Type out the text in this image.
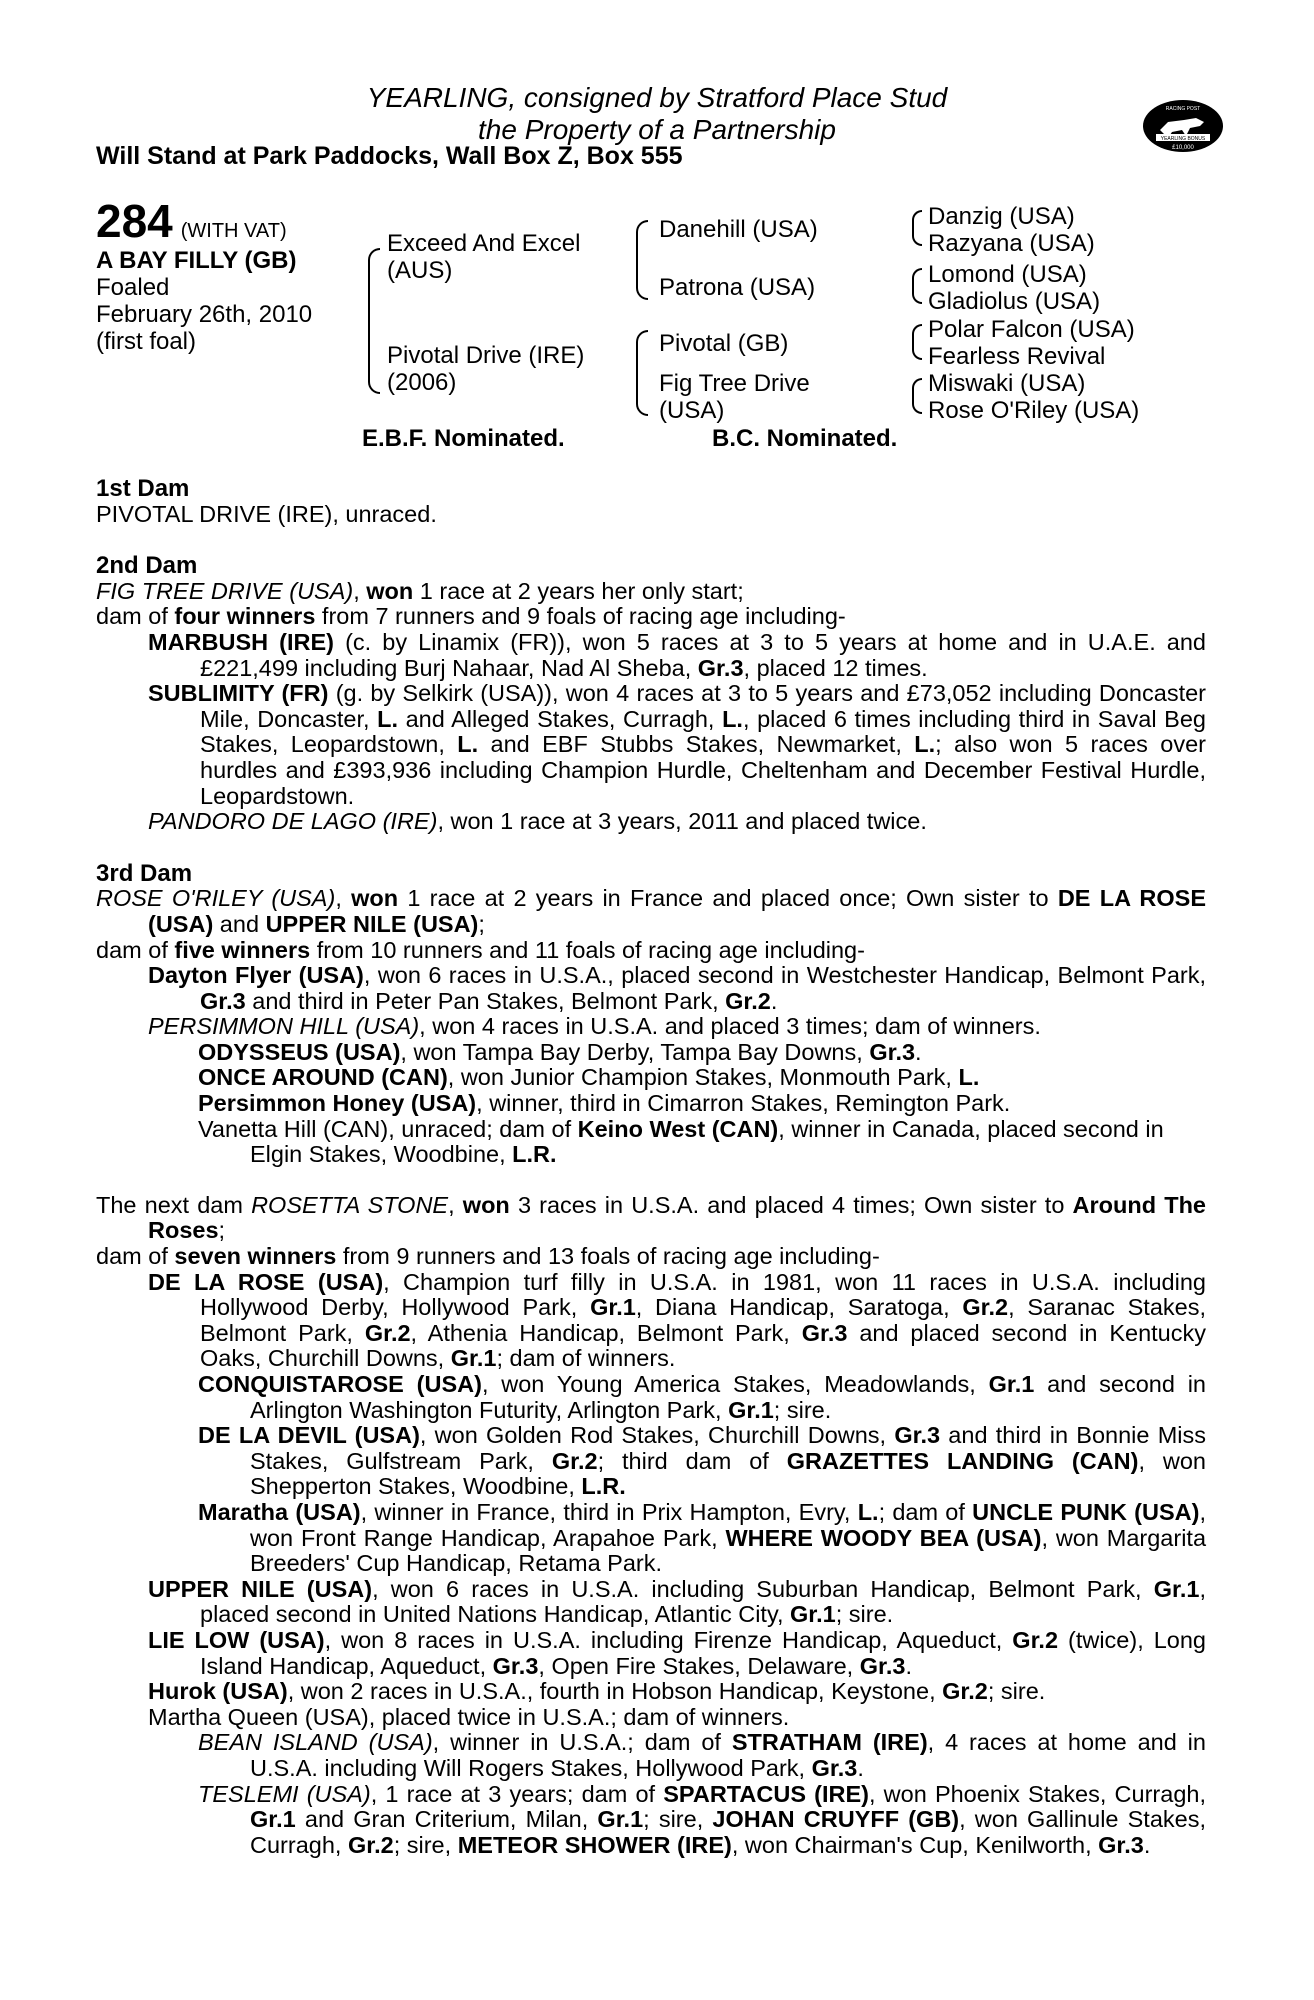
YEARLING, consigned by Stratford Place Stud
the Property of a Partnership
Will Stand at Park Paddocks, Wall Box Z, Box 555
RACING POST
YEARLING BONUS
£10,000
284 (WITH VAT)
A BAY FILLY (GB)
Foaled
February 26th, 2010
(first foal)
Exceed And Excel
(AUS)
Pivotal Drive (IRE)
(2006)
Danehill (USA)
Patrona (USA)
Pivotal (GB)
Fig Tree Drive
(USA)
Danzig (USA)
Razyana (USA)
Lomond (USA)
Gladiolus (USA)
Polar Falcon (USA)
Fearless Revival
Miswaki (USA)
Rose O'Riley (USA)
E.B.F. Nominated.	B.C. Nominated.
1st Dam

PIVOTAL DRIVE (IRE), unraced.

2nd Dam

FIG TREE DRIVE (USA), won 1 race at 2 years her only start;

dam of four winners from 7 runners and 9 foals of racing age including-

MARBUSH (IRE) (c. by Linamix (FR)), won 5 races at 3 to 5 years at home and in U.A.E. and £221,499 including Burj Nahaar, Nad Al Sheba, Gr.3, placed 12 times.

SUBLIMITY (FR) (g. by Selkirk (USA)), won 4 races at 3 to 5 years and £73,052 including Doncaster Mile, Doncaster, L. and Alleged Stakes, Curragh, L., placed 6 times including third in Saval Beg Stakes, Leopardstown, L. and EBF Stubbs Stakes, Newmarket, L.; also won 5 races over hurdles and £393,936 including Champion Hurdle, Cheltenham and December Festival Hurdle, Leopardstown.

PANDORO DE LAGO (IRE), won 1 race at 3 years, 2011 and placed twice.

3rd Dam

ROSE O'RILEY (USA), won 1 race at 2 years in France and placed once; Own sister to DE LA ROSE (USA) and UPPER NILE (USA);

dam of five winners from 10 runners and 11 foals of racing age including-

Dayton Flyer (USA), won 6 races in U.S.A., placed second in Westchester Handicap, Belmont Park, Gr.3 and third in Peter Pan Stakes, Belmont Park, Gr.2.

PERSIMMON HILL (USA), won 4 races in U.S.A. and placed 3 times; dam of winners.

ODYSSEUS (USA), won Tampa Bay Derby, Tampa Bay Downs, Gr.3.

ONCE AROUND (CAN), won Junior Champion Stakes, Monmouth Park, L.

Persimmon Honey (USA), winner, third in Cimarron Stakes, Remington Park.

Vanetta Hill (CAN), unraced; dam of Keino West (CAN), winner in Canada, placed second in Elgin Stakes, Woodbine, L.R.

The next dam ROSETTA STONE, won 3 races in U.S.A. and placed 4 times; Own sister to Around The Roses;

dam of seven winners from 9 runners and 13 foals of racing age including-

DE LA ROSE (USA), Champion turf filly in U.S.A. in 1981, won 11 races in U.S.A. including Hollywood Derby, Hollywood Park, Gr.1, Diana Handicap, Saratoga, Gr.2, Saranac Stakes, Belmont Park, Gr.2, Athenia Handicap, Belmont Park, Gr.3 and placed second in Kentucky Oaks, Churchill Downs, Gr.1; dam of winners.

CONQUISTAROSE (USA), won Young America Stakes, Meadowlands, Gr.1 and second in Arlington Washington Futurity, Arlington Park, Gr.1; sire.

DE LA DEVIL (USA), won Golden Rod Stakes, Churchill Downs, Gr.3 and third in Bonnie Miss Stakes, Gulfstream Park, Gr.2; third dam of GRAZETTES LANDING (CAN), won Shepperton Stakes, Woodbine, L.R.

Maratha (USA), winner in France, third in Prix Hampton, Evry, L.; dam of UNCLE PUNK (USA), won Front Range Handicap, Arapahoe Park, WHERE WOODY BEA (USA), won Margarita Breeders' Cup Handicap, Retama Park.

UPPER NILE (USA), won 6 races in U.S.A. including Suburban Handicap, Belmont Park, Gr.1, placed second in United Nations Handicap, Atlantic City, Gr.1; sire.

LIE LOW (USA), won 8 races in U.S.A. including Firenze Handicap, Aqueduct, Gr.2 (twice), Long Island Handicap, Aqueduct, Gr.3, Open Fire Stakes, Delaware, Gr.3.

Hurok (USA), won 2 races in U.S.A., fourth in Hobson Handicap, Keystone, Gr.2; sire.

Martha Queen (USA), placed twice in U.S.A.; dam of winners.

BEAN ISLAND (USA), winner in U.S.A.; dam of STRATHAM (IRE), 4 races at home and in U.S.A. including Will Rogers Stakes, Hollywood Park, Gr.3.

TESLEMI (USA), 1 race at 3 years; dam of SPARTACUS (IRE), won Phoenix Stakes, Curragh, Gr.1 and Gran Criterium, Milan, Gr.1; sire, JOHAN CRUYFF (GB), won Gallinule Stakes, Curragh, Gr.2; sire, METEOR SHOWER (IRE), won Chairman's Cup, Kenilworth, Gr.3.
